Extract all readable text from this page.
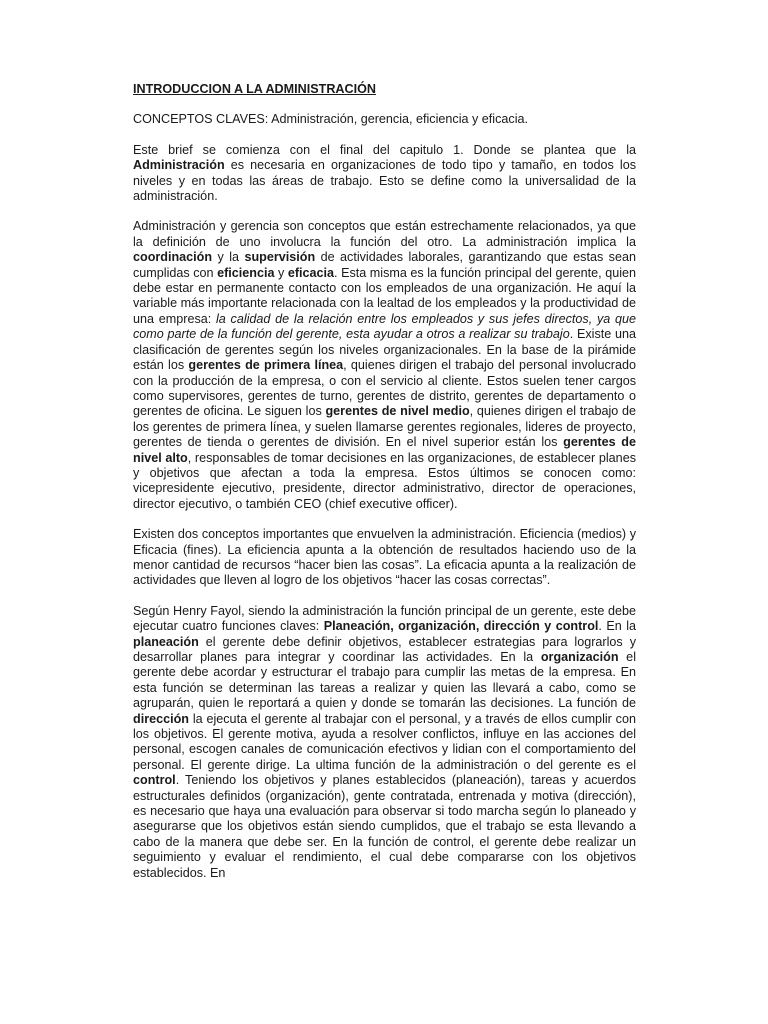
INTRODUCCION A LA ADMINISTRACIÓN
CONCEPTOS CLAVES: Administración, gerencia, eficiencia y eficacia.

Este brief se comienza con el final del capitulo 1. Donde se plantea que la Administración es necesaria en organizaciones de todo tipo y tamaño, en todos los niveles y en todas las áreas de trabajo. Esto se define como la universalidad de la administración.

Administración y gerencia son conceptos que están estrechamente relacionados, ya que la definición de uno involucra la función del otro. La administración implica la coordinación y la supervisión de actividades laborales, garantizando que estas sean cumplidas con eficiencia y eficacia. Esta misma es la función principal del gerente, quien debe estar en permanente contacto con los empleados de una organización. He aquí la variable más importante relacionada con la lealtad de los empleados y la productividad de una empresa: la calidad de la relación entre los empleados y sus jefes directos, ya que como parte de la función del gerente, esta ayudar a otros a realizar su trabajo. Existe una clasificación de gerentes según los niveles organizacionales. En la base de la pirámide están los gerentes de primera línea, quienes dirigen el trabajo del personal involucrado con la producción de la empresa, o con el servicio al cliente. Estos suelen tener cargos como supervisores, gerentes de turno, gerentes de distrito, gerentes de departamento o gerentes de oficina. Le siguen los gerentes de nivel medio, quienes dirigen el trabajo de los gerentes de primera línea, y suelen llamarse gerentes regionales, lideres de proyecto, gerentes de tienda o gerentes de división. En el nivel superior están los gerentes de nivel alto, responsables de tomar decisiones en las organizaciones, de establecer planes y objetivos que afectan a toda la empresa. Estos últimos se conocen como: vicepresidente ejecutivo, presidente, director administrativo, director de operaciones, director ejecutivo, o también CEO (chief executive officer).

Existen dos conceptos importantes que envuelven la administración. Eficiencia (medios) y Eficacia (fines). La eficiencia apunta a la obtención de resultados haciendo uso de la menor cantidad de recursos “hacer bien las cosas”. La eficacia apunta a la realización de actividades que lleven al logro de los objetivos “hacer las cosas correctas”.

Según Henry Fayol, siendo la administración la función principal de un gerente, este debe ejecutar cuatro funciones claves: Planeación, organización, dirección y control. En la planeación el gerente debe definir objetivos, establecer estrategias para lograrlos y desarrollar planes para integrar y coordinar las actividades. En la organización el gerente debe acordar y estructurar el trabajo para cumplir las metas de la empresa. En esta función se determinan las tareas a realizar y quien las llevará a cabo, como se agruparán, quien le reportará a quien y donde se tomarán las decisiones. La función de dirección la ejecuta el gerente al trabajar con el personal, y a través de ellos cumplir con los objetivos. El gerente motiva, ayuda a resolver conflictos, influye en las acciones del personal, escogen canales de comunicación efectivos y lidian con el comportamiento del personal. El gerente dirige. La ultima función de la administración o del gerente es el control. Teniendo los objetivos y planes establecidos (planeación), tareas y acuerdos estructurales definidos (organización), gente contratada, entrenada y motiva (dirección), es necesario que haya una evaluación para observar si todo marcha según lo planeado y asegurarse que los objetivos están siendo cumplidos, que el trabajo se esta llevando a cabo de la manera que debe ser. En la función de control, el gerente debe realizar un seguimiento y evaluar el rendimiento, el cual debe compararse con los objetivos establecidos. En
